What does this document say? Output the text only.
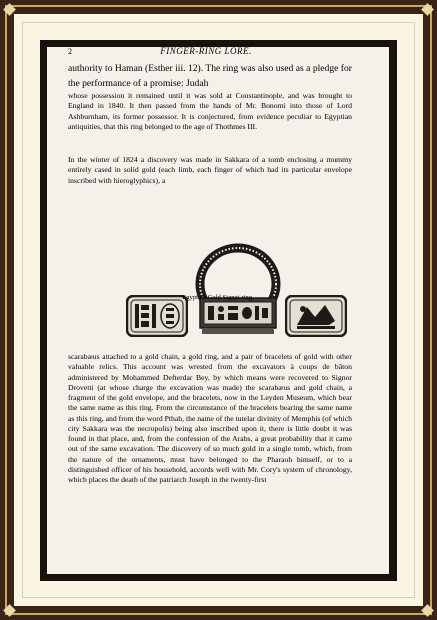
2	FINGER-RING LORE.
authority to Haman (Esther iii. 12). The ring was also used as a pledge for the performance of a promise: Judah
whose possession it remained until it was sold at Constantinople, and was brought to England in 1840. It then passed from the hands of Mr. Bonomi into those of Lord Ashburnham, its former possessor. It is conjectured, from evidence peculiar to Egyptian antiquities, that this ring belonged to the age of Thothmes III.
In the winter of 1824 a discovery was made in Sakkara of a tomb enclosing a mummy entirely cased in solid gold (each limb, each finger of which had its particular envelope inscribed with hieroglyphics), a
Egyptian Gold Signet-ring.
scarabæus attached to a gold chain, a gold ring, and a pair of bracelets of gold with other valuable relics. This account was wrested from the excavators à coups de bâton administered by Mohammed Defterdar Bey, by which means were recovered to Signor Drovetti (at whose charge the excavation was made) the scarabæus and gold chain, a fragment of the gold envelope, and the bracelets, now in the Leyden Museum, which bear the same name as this ring. From the circumstance of the bracelets bearing the same name as this ring, and from the word Pthah, the name of the tutelar divinity of Memphis (of which city Sakkara was the necropolis) being also inscribed upon it, there is little doubt it was found in that place, and, from the confession of the Arabs, a great probability that it came out of the same excavation. The discovery of so much gold in a single tomb, which, from the nature of the ornaments, must have belonged to the Pharaoh himself, or to a distinguished officer of his household, accords well with Mr. Cory's system of chronology, which places the death of the patriarch Joseph in the twenty-first
